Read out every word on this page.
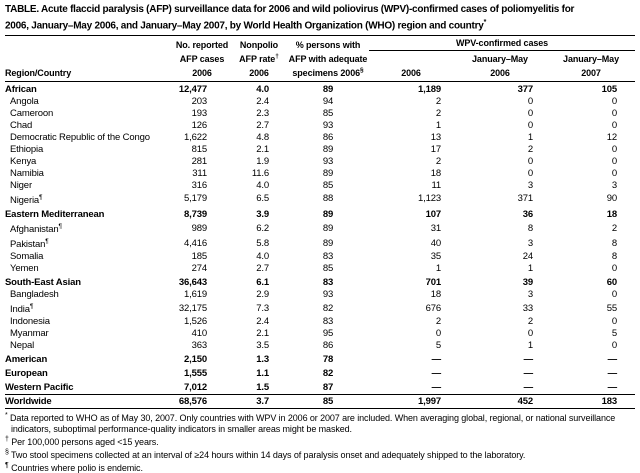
TABLE. Acute flaccid paralysis (AFP) surveillance data for 2006 and wild poliovirus (WPV)-confirmed cases of poliomyelitis for
2006, January–May 2006, and January–May 2007, by World Health Organization (WHO) region and country*
	No. reported	Nonpolio	% persons with	WPV-confirmed cases		
	AFP cases	AFP rate†	AFP with adequate		January–May	January–May
Region/Country	2006	2006	specimens 2006§	2006	2006	2007
African	12,477	4.0	89	1,189	377	105
Angola	203	2.4	94	2	0	0
Cameroon	193	2.3	85	2	0	0
Chad	126	2.7	93	1	0	0
Democratic Republic of the Congo	1,622	4.8	86	13	1	12
Ethiopia	815	2.1	89	17	2	0
Kenya	281	1.9	93	2	0	0
Namibia	311	11.6	89	18	0	0
Niger	316	4.0	85	11	3	3
Nigeria¶	5,179	6.5	88	1,123	371	90
Eastern Mediterranean	8,739	3.9	89	107	36	18
Afghanistan¶	989	6.2	89	31	8	2
Pakistan¶	4,416	5.8	89	40	3	8
Somalia	185	4.0	83	35	24	8
Yemen	274	2.7	85	1	1	0
South-East Asian	36,643	6.1	83	701	39	60
Bangladesh	1,619	2.9	93	18	3	0
India¶	32,175	7.3	82	676	33	55
Indonesia	1,526	2.4	83	2	2	0
Myanmar	410	2.1	95	0	0	5
Nepal	363	3.5	86	5	1	0
American	2,150	1.3	78	—	—	—
European	1,555	1.1	82	—	—	—
Western Pacific	7,012	1.5	87	—	—	—
Worldwide	68,576	3.7	85	1,997	452	183
* Data reported to WHO as of May 30, 2007. Only countries with WPV in 2006 or 2007 are included. When averaging global, regional, or national surveillance indicators, suboptimal performance-quality indicators in smaller areas might be masked.
† Per 100,000 persons aged <15 years.
§ Two stool specimens collected at an interval of ≥24 hours within 14 days of paralysis onset and adequately shipped to the laboratory.
¶ Countries where polio is endemic.
